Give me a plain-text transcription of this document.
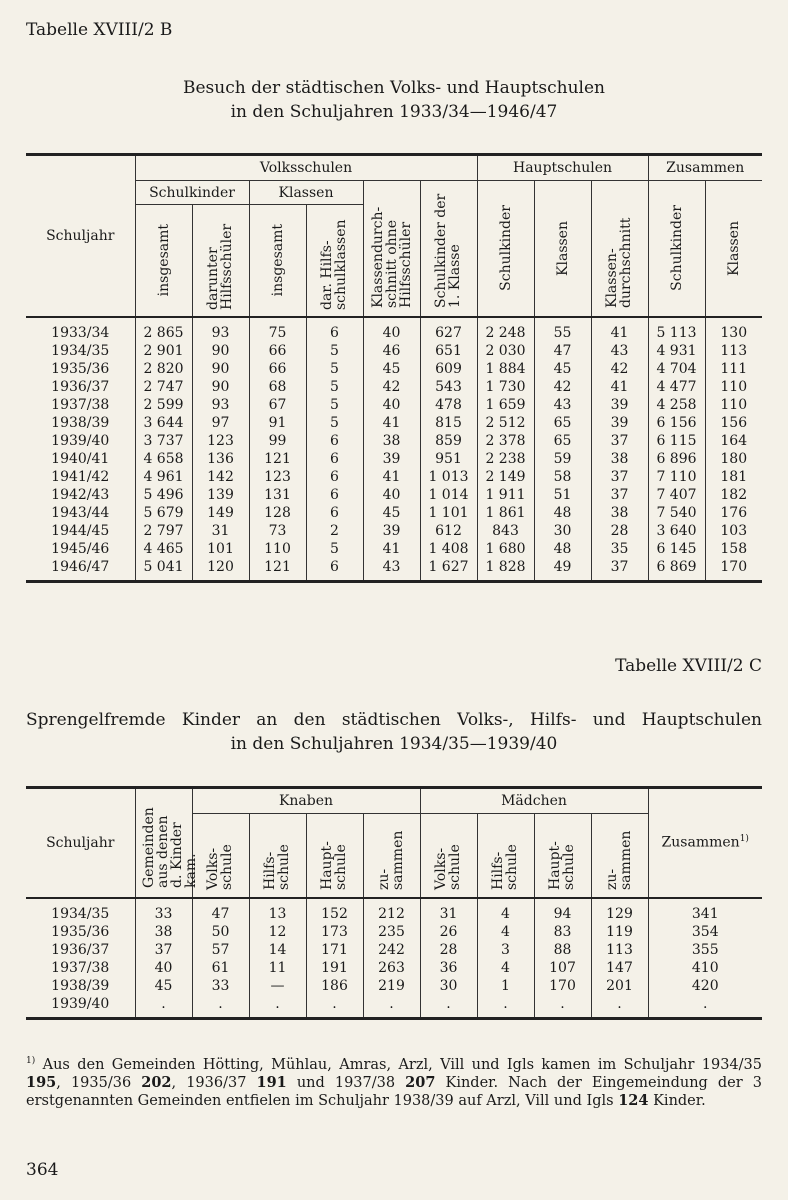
Tabelle XVIII/2 B
Besuch der städtischen Volks- und Hauptschulen
in den Schuljahren 1933/34—1946/47
Schuljahr	Volksschulen						Hauptschulen			Zusammen	
	Schulkinder		Klassen		Klassendurch- schnitt ohne Hilfsschüler	Schulkinder der 1. Klasse	Schulkinder	Klassen	Klassen- durchschnitt	Schulkinder	Klassen

	insgesamt	darunter Hilfsschüler	insgesamt	dar. Hilfs- schulklassen							

1933/34	2 865	93	75	6	40	627	2 248	55	41	5 113	130
1934/35	2 901	90	66	5	46	651	2 030	47	43	4 931	113
1935/36	2 820	90	66	5	45	609	1 884	45	42	4 704	111
1936/37	2 747	90	68	5	42	543	1 730	42	41	4 477	110
1937/38	2 599	93	67	5	40	478	1 659	43	39	4 258	110
1938/39	3 644	97	91	5	41	815	2 512	65	39	6 156	156
1939/40	3 737	123	99	6	38	859	2 378	65	37	6 115	164
1940/41	4 658	136	121	6	39	951	2 238	59	38	6 896	180
1941/42	4 961	142	123	6	41	1 013	2 149	58	37	7 110	181
1942/43	5 496	139	131	6	40	1 014	1 911	51	37	7 407	182
1943/44	5 679	149	128	6	45	1 101	1 861	48	38	7 540	176
1944/45	2 797	31	73	2	39	612	843	30	28	3 640	103
1945/46	4 465	101	110	5	41	1 408	1 680	48	35	6 145	158
1946/47	5 041	120	121	6	43	1 627	1 828	49	37	6 869	170
Tabelle XVIII/2 C
Sprengelfremde Kinder an den städtischen Volks-, Hilfs- und Hauptschulen
in den Schuljahren 1934/35—1939/40
Schuljahr	Gemeinden aus denen d. Kinder kam.	Knaben				Mädchen				Zusammen$^{1)}$

		Volks- schule	Hilfs- schule	Haupt- schule	zu- sammen	Volks- schule	Hilfs- schule	Haupt- schule	zu- sammen	

1934/35	33	47	13	152	212	31	4	94	129	341
1935/36	38	50	12	173	235	26	4	83	119	354
1936/37	37	57	14	171	242	28	3	88	113	355
1937/38	40	61	11	191	263	36	4	107	147	410
1938/39	45	33	—	186	219	30	1	170	201	420
1939/40	.	.	.	.	.	.	.	.	.	.
$^{1)}$ Aus den Gemeinden Hötting, Mühlau, Amras, Arzl, Vill und Igls kamen im Schuljahr 1934/35 195, 1935/36 202, 1936/37 191 und 1937/38 207 Kinder. Nach der Eingemeindung der 3 erstgenannten Gemeinden entfielen im Schuljahr 1938/39 auf Arzl, Vill und Igls 124 Kinder.
364
